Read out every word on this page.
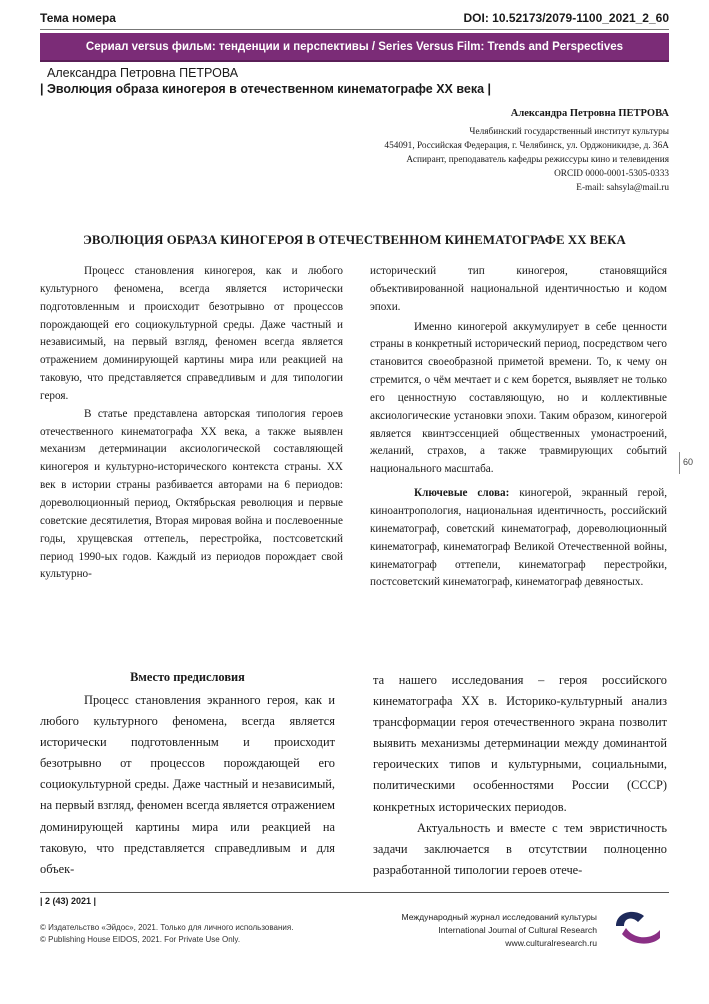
Тема номера	DOI: 10.52173/2079-1100_2021_2_60
Сериал versus фильм: тенденции и перспективы / Series Versus Film: Trends and Perspectives
Александра Петровна ПЕТРОВА
| Эволюция образа киногероя в отечественном кинематографе XX века |
Александра Петровна ПЕТРОВА
Челябинский государственный институт культуры
454091, Российская Федерация, г. Челябинск, ул. Орджоникидзе, д. 36А
Аспирант, преподаватель кафедры режиссуры кино и телевидения
ORCID 0000-0001-5305-0333
E-mail: sahsyla@mail.ru
ЭВОЛЮЦИЯ ОБРАЗА КИНОГЕРОЯ В ОТЕЧЕСТВЕННОМ КИНЕМАТОГРАФЕ XX ВЕКА

Процесс становления киногероя, как и любого культурного феномена, всегда является исторически подготовленным и происходит безотрывно от процессов порождающей его социокультурной среды. Даже частный и независимый, на первый взгляд, феномен всегда является отражением доминирующей картины мира или реакцией на таковую, что представляется справедливым и для типологии героя.

В статье представлена авторская типология героев отечественного кинематографа XX века, а также выявлен механизм детерминации аксиологической составляющей киногероя и культурно-исторического контекста страны. XX век в истории страны разбивается авторами на 6 периодов: дореволюционный период, Октябрьская революция и первые советские десятилетия, Вторая мировая война и послевоенные годы, хрущевская оттепель, перестройка, постсоветский период 1990-ых годов. Каждый из периодов порождает свой культурно-

исторический тип киногероя, становящийся объективированной национальной идентичностью и кодом эпохи.

Именно киногерой аккумулирует в себе ценности страны в конкретный исторический период, посредством чего становится своеобразной приметой времени. То, к чему он стремится, о чём мечтает и с кем борется, выявляет не только его ценностную составляющую, но и коллективные аксиологические установки эпохи. Таким образом, киногерой является квинтэссенцией общественных умонастроений, желаний, страхов, а также травмирующих событий национального масштаба.

Ключевые слова: киногерой, экранный герой, киноантропология, национальная идентичность, российский кинематограф, советский кинематограф, дореволюционный кинематограф, кинематограф Великой Отечественной войны, кинематограф оттепели, кинематограф перестройки, постсоветский кинематограф, кинематограф девяностых.

60
Вместо предисловия

Процесс становления экранного героя, как и любого культурного феномена, всегда является исторически подготовленным и происходит безотрывно от процессов порождающей его социокультурной среды. Даже частный и независимый, на первый взгляд, феномен всегда является отражением доминирующей картины мира или реакцией на таковую, что представляется справедливым и для объек-

та нашего исследования – героя российского кинематографа XX в. Историко-культурный анализ трансформации героя отечественного экрана позволит выявить механизмы детерминации между доминантой героических типов и культурными, социальными, политическими особенностями России (СССР) конкретных исторических периодов.

Актуальность и вместе с тем эвристичность задачи заключается в отсутствии полноценно разработанной типологии героев отече-

| 2 (43) 2021 |
© Издательство «Эйдос», 2021. Только для личного использования.
© Publishing House EIDOS, 2021. For Private Use Only.
Международный журнал исследований культуры
International Journal of Cultural Research
www.culturalresearch.ru
